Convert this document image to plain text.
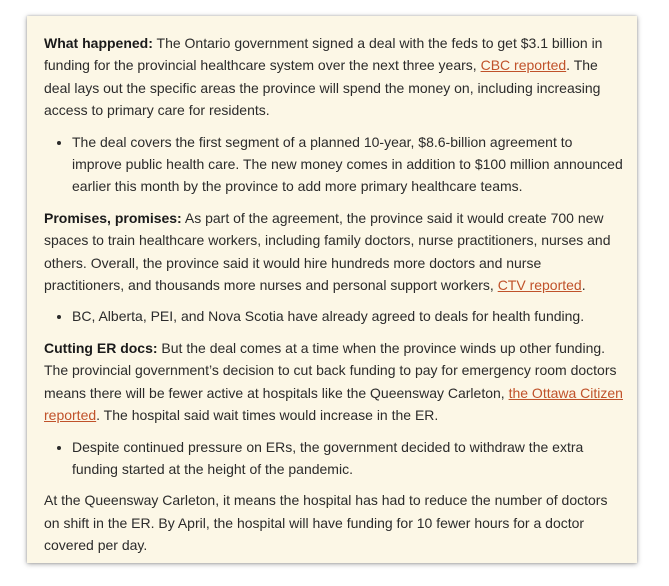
What happened: The Ontario government signed a deal with the feds to get $3.1 billion in funding for the provincial healthcare system over the next three years, CBC reported. The deal lays out the specific areas the province will spend the money on, including increasing access to primary care for residents.

• The deal covers the first segment of a planned 10-year, $8.6-billion agreement to improve public health care. The new money comes in addition to $100 million announced earlier this month by the province to add more primary healthcare teams.

Promises, promises: As part of the agreement, the province said it would create 700 new spaces to train healthcare workers, including family doctors, nurse practitioners, nurses and others. Overall, the province said it would hire hundreds more doctors and nurse practitioners, and thousands more nurses and personal support workers, CTV reported.

• BC, Alberta, PEI, and Nova Scotia have already agreed to deals for health funding.

Cutting ER docs: But the deal comes at a time when the province winds up other funding. The provincial government’s decision to cut back funding to pay for emergency room doctors means there will be fewer active at hospitals like the Queensway Carleton, the Ottawa Citizen reported. The hospital said wait times would increase in the ER.

• Despite continued pressure on ERs, the government decided to withdraw the extra funding started at the height of the pandemic.

At the Queensway Carleton, it means the hospital has had to reduce the number of doctors on shift in the ER. By April, the hospital will have funding for 10 fewer hours for a doctor covered per day.
